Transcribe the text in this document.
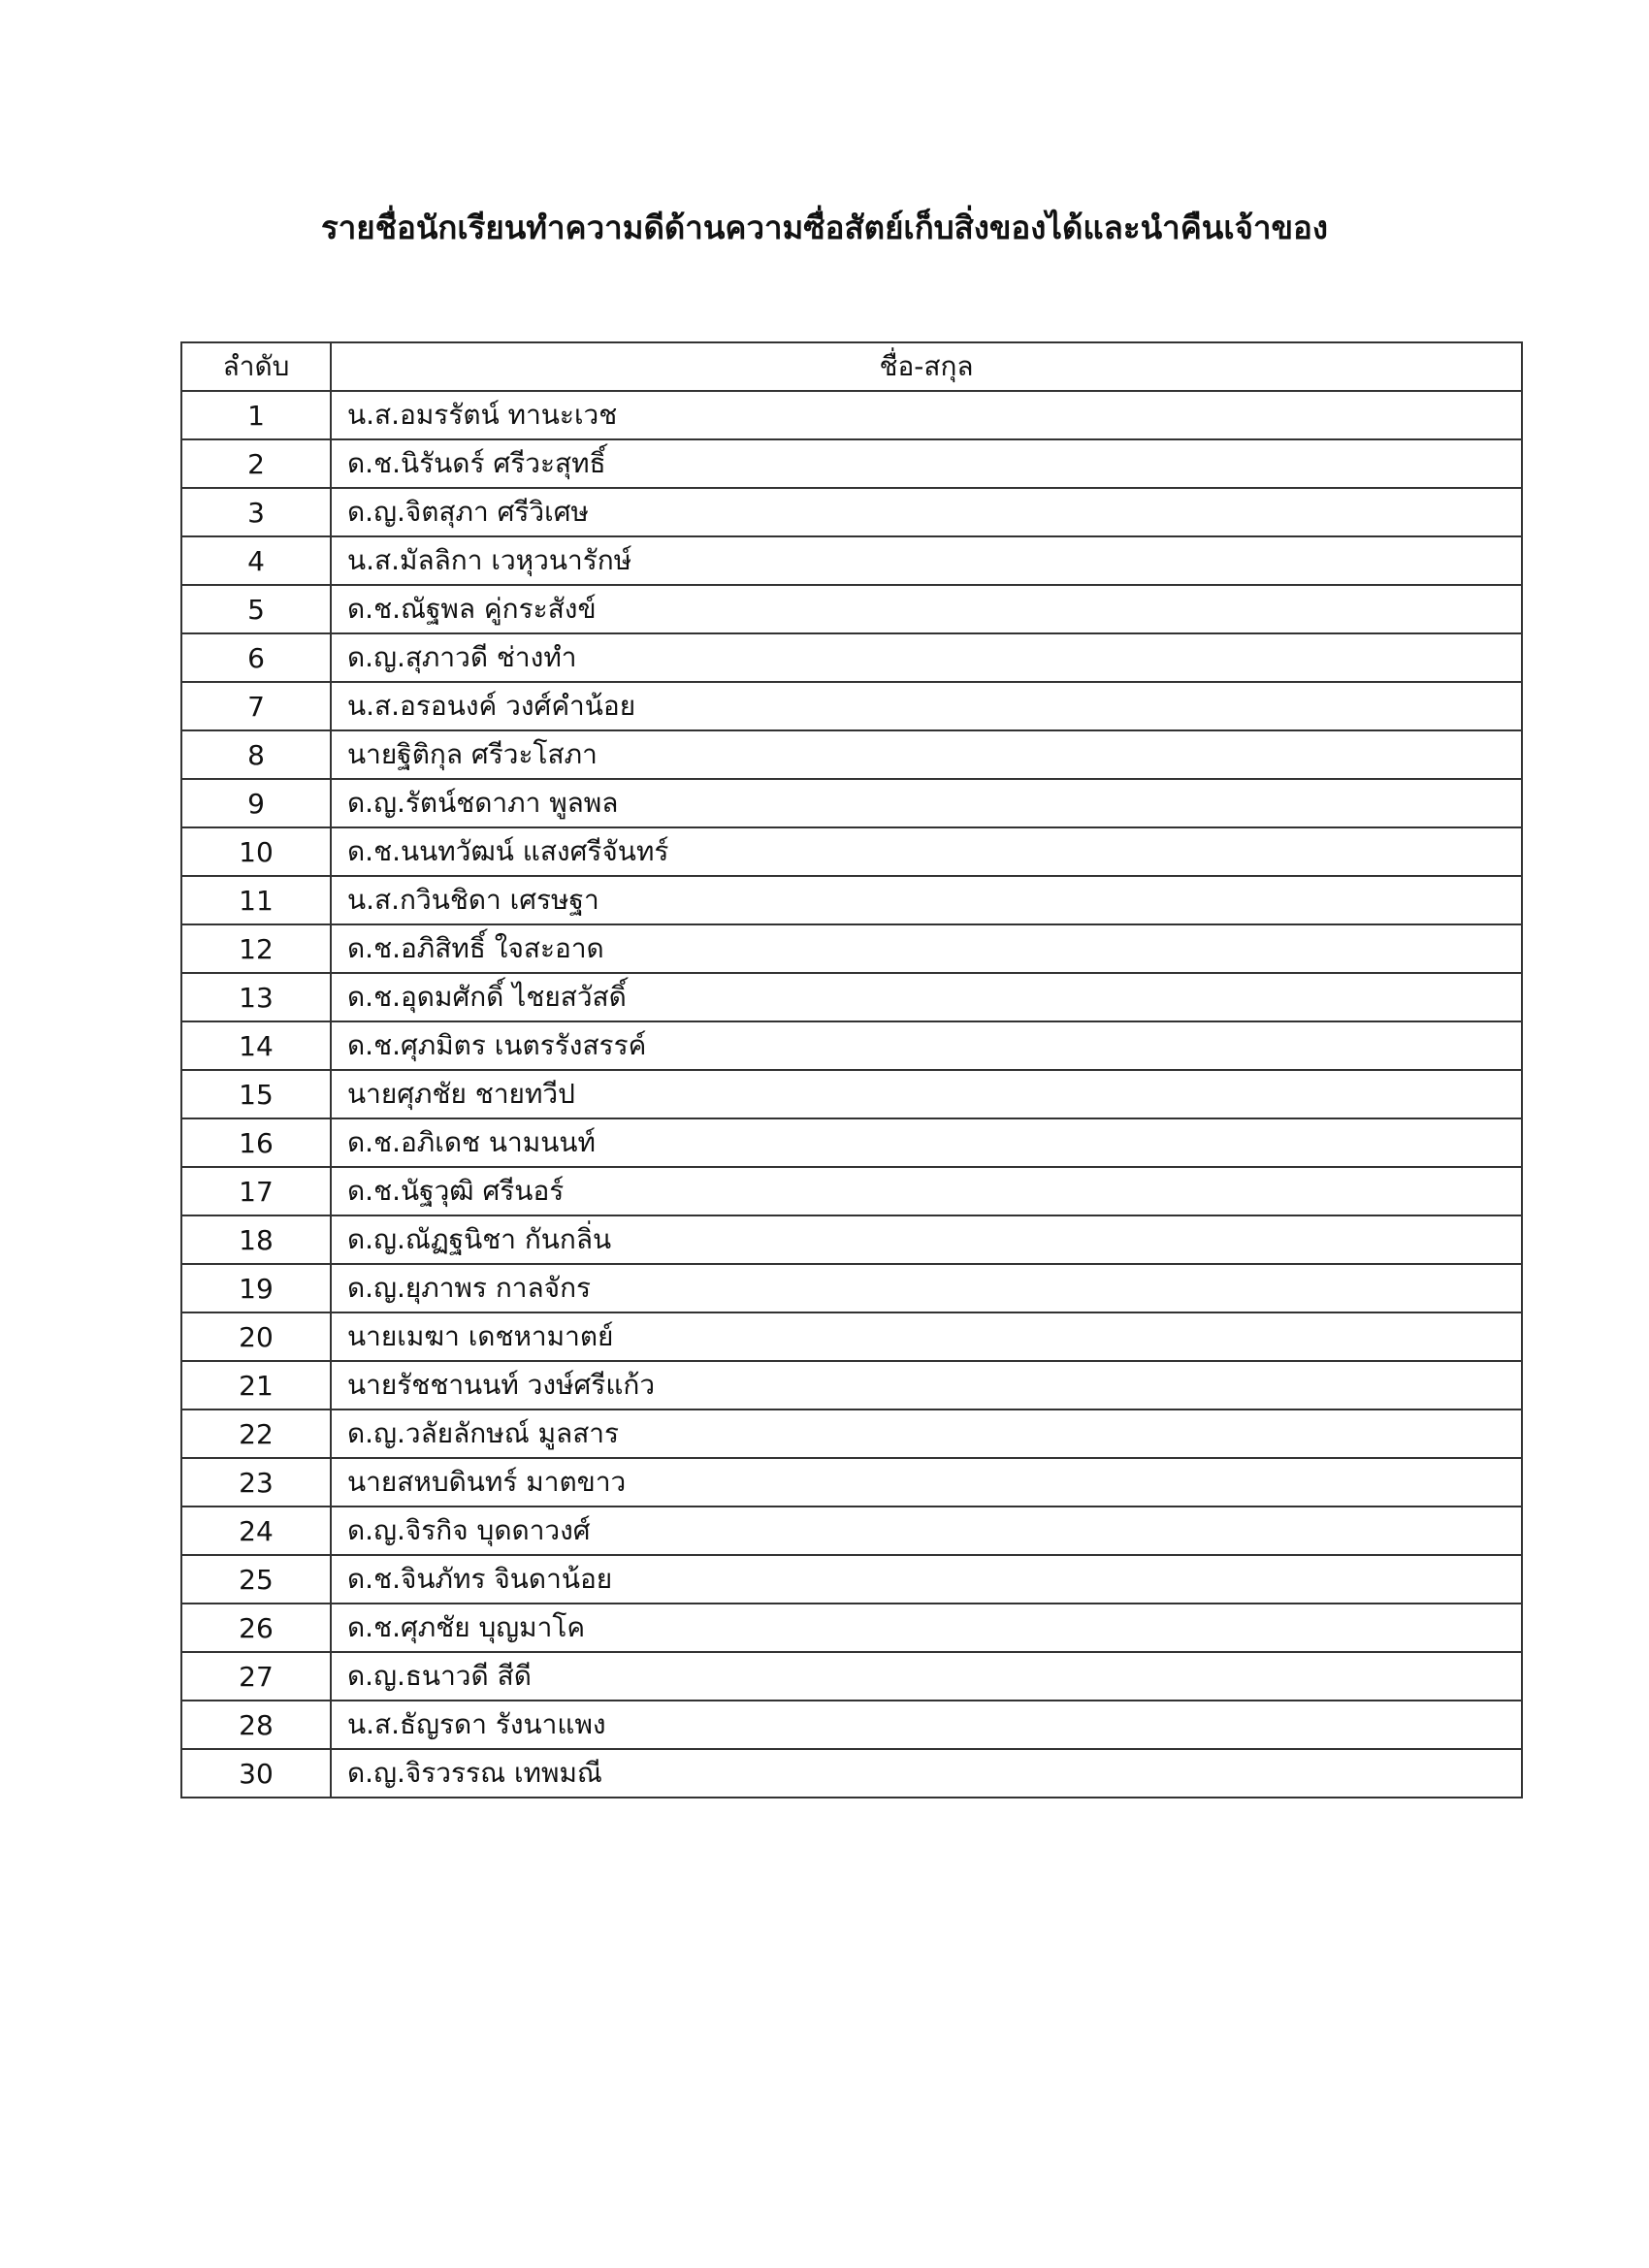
รายชื่อนักเรียนทำความดีด้านความซื่อสัตย์เก็บสิ่งของได้และนำคืนเจ้าของ
ลำดับ	ชื่อ-สกุล
1	น.ส.อมรรัตน์ ทานะเวช
2	ด.ช.นิรันดร์ ศรีวะสุทธิ์
3	ด.ญ.จิตสุภา ศรีวิเศษ
4	น.ส.มัลลิกา เวหุวนารักษ์
5	ด.ช.ณัฐพล คู่กระสังข์
6	ด.ญ.สุภาวดี ช่างทำ
7	น.ส.อรอนงค์ วงศ์คำน้อย
8	นายฐิติกุล ศรีวะโสภา
9	ด.ญ.รัตน์ชดาภา พูลพล
10	ด.ช.นนทวัฒน์ แสงศรีจันทร์
11	น.ส.กวินชิดา เศรษฐา
12	ด.ช.อภิสิทธิ์ ใจสะอาด
13	ด.ช.อุดมศักดิ์ ไชยสวัสดิ์
14	ด.ช.ศุภมิตร เนตรรังสรรค์
15	นายศุภชัย ชายทวีป
16	ด.ช.อภิเดช นามนนท์
17	ด.ช.นัฐวุฒิ ศรีนอร์
18	ด.ญ.ณัฏฐนิชา กันกลิ่น
19	ด.ญ.ยุภาพร กาลจักร
20	นายเมฆา เดชหามาตย์
21	นายรัชชานนท์ วงษ์ศรีแก้ว
22	ด.ญ.วลัยลักษณ์ มูลสาร
23	นายสหบดินทร์ มาตขาว
24	ด.ญ.จิรกิจ บุดดาวงศ์
25	ด.ช.จินภัทร จินดาน้อย
26	ด.ช.ศุภชัย บุญมาโค
27	ด.ญ.ธนาวดี สีดี
28	น.ส.ธัญรดา รังนาแพง
30	ด.ญ.จิรวรรณ เทพมณี
